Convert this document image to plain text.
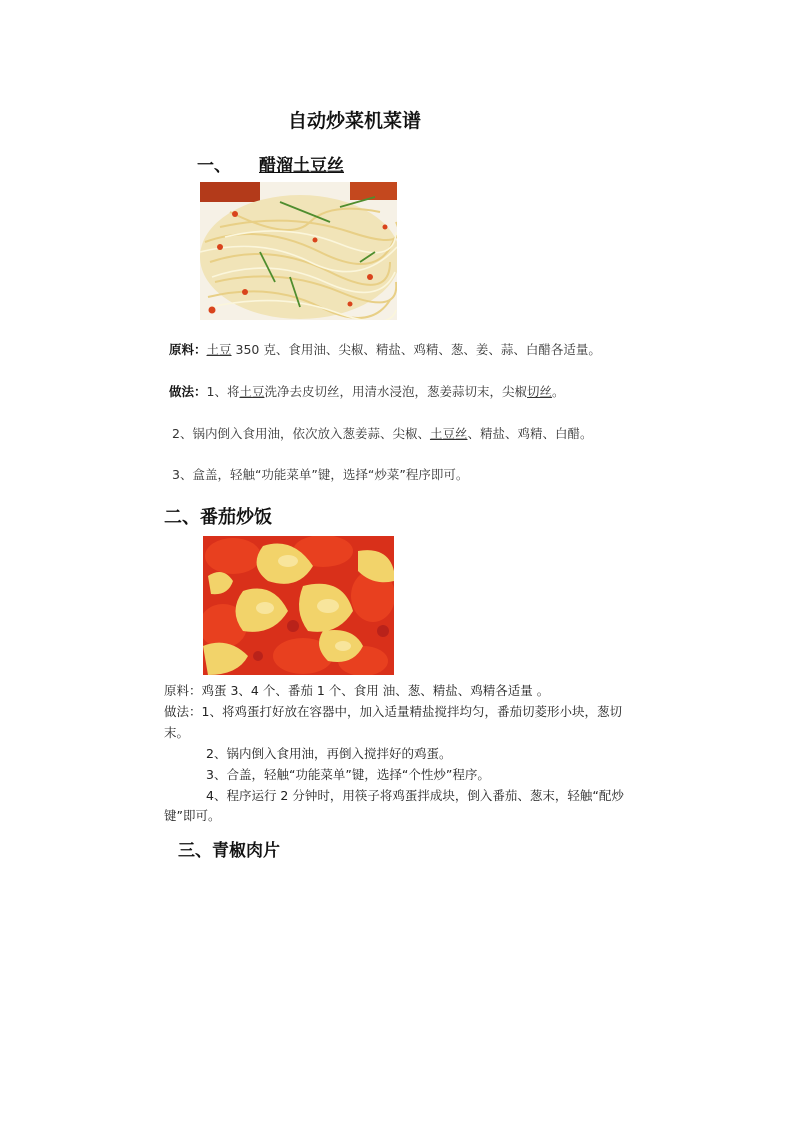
自动炒菜机菜谱
一、 醋溜土豆丝
原料：土豆 350 克、食用油、尖椒、精盐、鸡精、葱、姜、蒜、白醋各适量。
做法：1、将土豆洗净去皮切丝，用清水浸泡，葱姜蒜切末，尖椒切丝。
2、锅内倒入食用油，依次放入葱姜蒜、尖椒、土豆丝、精盐、鸡精、白醋。
3、盒盖，轻触“功能菜单”键，选择“炒菜”程序即可。
二、番茄炒饭
原料：鸡蛋 3、4 个、番茄 1 个、食用 油、葱、精盐、鸡精各适量 。
做法：1、将鸡蛋打好放在容器中，加入适量精盐搅拌均匀，番茄切菱形小块，葱切
末。
2、锅内倒入食用油，再倒入搅拌好的鸡蛋。
3、合盖，轻触“功能菜单”键，选择“个性炒”程序。
4、程序运行 2 分钟时，用筷子将鸡蛋拌成块，倒入番茄、葱末，轻触“配炒
键”即可。
三、青椒肉片
